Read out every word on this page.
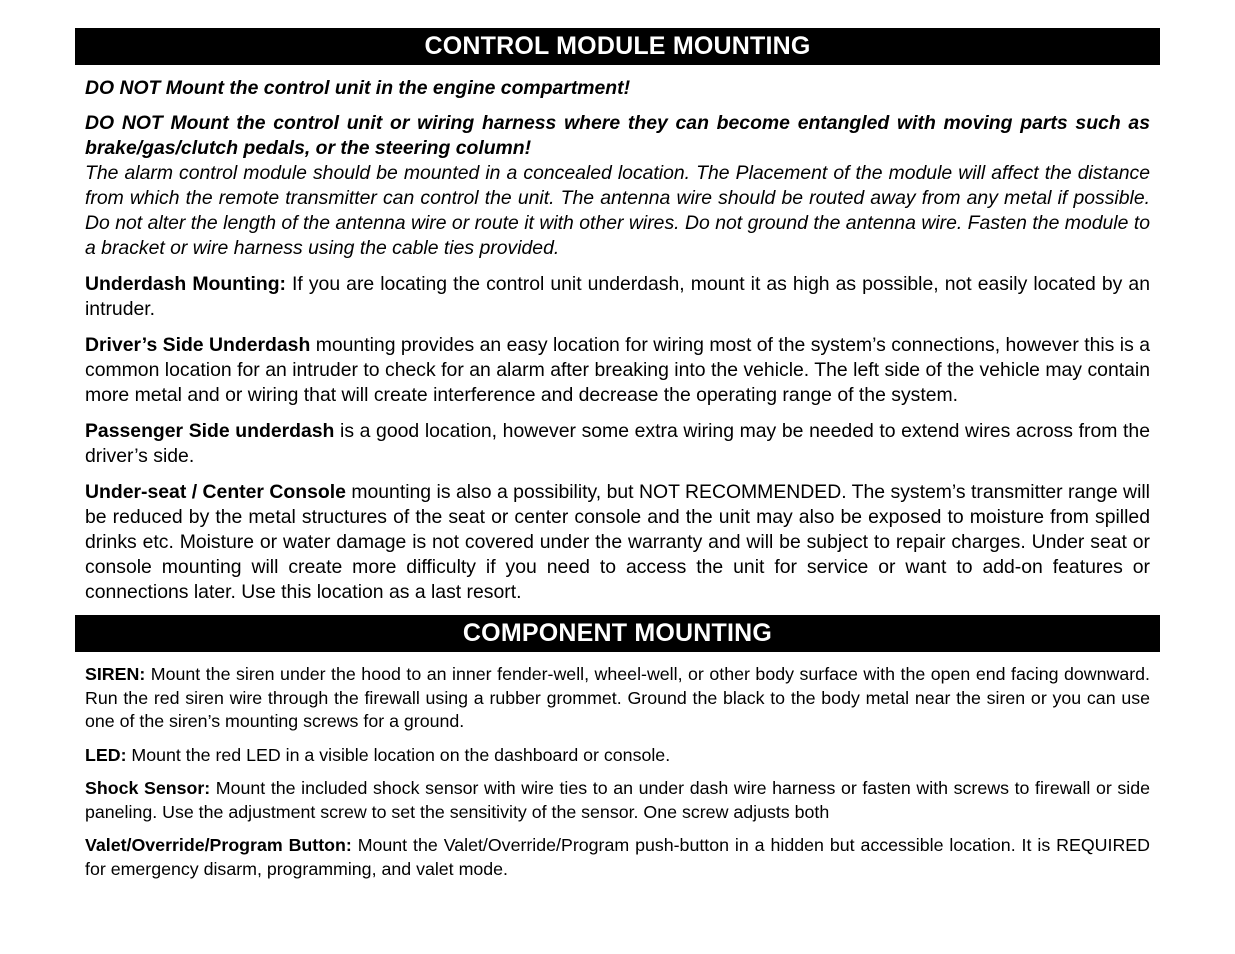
CONTROL MODULE MOUNTING

DO NOT Mount the control unit in the engine compartment!

DO NOT Mount the control unit or wiring harness where they can become entangled with moving parts such as brake/gas/clutch pedals, or the steering column!

The alarm control module should be mounted in a concealed location. The Placement of the module will affect the distance from which the remote transmitter can control the unit. The antenna wire should be routed away from any metal if possible. Do not alter the length of the antenna wire or route it with other wires. Do not ground the antenna wire. Fasten the module to a bracket or wire harness using the cable ties provided.

Underdash Mounting: If you are locating the control unit underdash, mount it as high as possible, not easily located by an intruder.

Driver’s Side Underdash mounting provides an easy location for wiring most of the system’s connections, however this is a common location for an intruder to check for an alarm after breaking into the vehicle. The left side of the vehicle may contain more metal and or wiring that will create interference and decrease the operating range of the system.

Passenger Side underdash is a good location, however some extra wiring may be needed to extend wires across from the driver’s side.

Under-seat / Center Console mounting is also a possibility, but NOT RECOMMENDED. The system’s transmitter range will be reduced by the metal structures of the seat or center console and the unit may also be exposed to moisture from spilled drinks etc. Moisture or water damage is not covered under the warranty and will be subject to repair charges. Under seat or console mounting will create more difficulty if you need to access the unit for service or want to add-on features or connections later. Use this location as a last resort.

COMPONENT MOUNTING

SIREN: Mount the siren under the hood to an inner fender-well, wheel-well, or other body surface with the open end facing downward. Run the red siren wire through the firewall using a rubber grommet. Ground the black to the body metal near the siren or you can use one of the siren’s mounting screws for a ground.

LED: Mount the red LED in a visible location on the dashboard or console.

Shock Sensor: Mount the included shock sensor with wire ties to an under dash wire harness or fasten with screws to firewall or side paneling. Use the adjustment screw to set the sensitivity of the sensor. One screw adjusts both

Valet/Override/Program Button: Mount the Valet/Override/Program push-button in a hidden but accessible location. It is REQUIRED for emergency disarm, programming, and valet mode.
